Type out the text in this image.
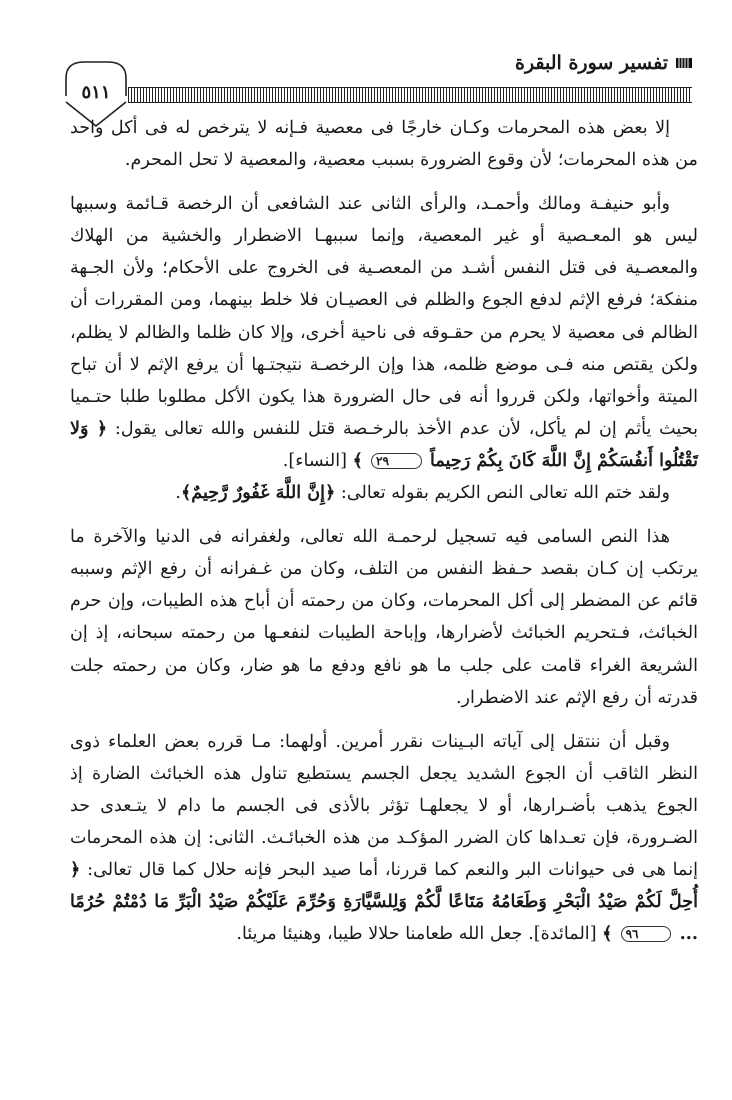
تفسير سورة البقرة
٥١١

إلا بعض هذه المحرمات وكـان خارجًا فى معصية فـإنه لا يترخص له فى أكل واحد من هذه المحرمات؛ لأن وقوع الضرورة بسبب معصية، والمعصية لا تحل المحرم.

وأبو حنيفـة ومالك وأحمـد، والرأى الثانى عند الشافعى أن الرخصة قـائمة وسببها ليس هو المعـصية أو غير المعصية، وإنما سببهـا الاضطرار والخشية من الهلاك والمعصـية فى قتل النفس أشـد من المعصـية فى الخروج على الأحكام؛ ولأن الجـهة منفكة؛ فرفع الإثم لدفع الجوع والظلم فى العصيـان فلا خلط بينهما، ومن المقررات أن الظالم فى معصية لا يحرم من حقـوقه فى ناحية أخرى، وإلا كان ظلما والظالم لا يظلم، ولكن يقتص منه فـى موضع ظلمه، هذا وإن الرخصـة نتيجتـها أن يرفع الإثم لا أن تباح الميتة وأخواتها، ولكن قرروا أنه فى حال الضرورة هذا يكون الأكل مطلوبا طلبا حتـميا بحيث يأثم إن لم يأكل، لأن عدم الأخذ بالرخـصة قتل للنفس والله تعالى يقول: ﴿ وَلا تَقْتُلُوا أَنفُسَكُمْ إِنَّ اللَّهَ كَانَ بِكُمْ رَحِيماً ٢٩ ﴾ [النساء].

ولقد ختم الله تعالى النص الكريم بقوله تعالى: ﴿إِنَّ اللَّهَ غَفُورٌ رَّحِيمٌ﴾.

هذا النص السامى فيه تسجيل لرحمـة الله تعالى، ولغفرانه فى الدنيا والآخرة ما يرتكب إن كـان بقصد حـفظ النفس من التلف، وكان من غـفرانه أن رفع الإثم وسببه قائم عن المضطر إلى أكل المحرمات، وكان من رحمته أن أباح هذه الطيبات، وإن حرم الخبائث، فـتحريم الخبائث لأضرارها، وإباحة الطيبات لنفعـها من رحمته سبحانه، إذ إن الشريعة الغراء قامت على جلب ما هو نافع ودفع ما هو ضار، وكان من رحمته جلت قدرته أن رفع الإثم عند الاضطرار.

وقبل أن ننتقل إلى آياته البـينات نقرر أمرين. أولهما: مـا قرره بعض العلماء ذوى النظر الثاقب أن الجوع الشديد يجعل الجسم يستطيع تناول هذه الخبائث الضارة إذ الجوع يذهب بأضـرارها، أو لا يجعلهـا تؤثر بالأذى فى الجسم ما دام لا يتـعدى حد الضـرورة، فإن تعـداها كان الضرر المؤكـد من هذه الخبائـث. الثانى: إن هذه المحرمات إنما هى فى حيوانات البر والنعم كما قررنا، أما صيد البحر فإنه حلال كما قال تعالى: ﴿ أُحِلَّ لَكُمْ صَيْدُ الْبَحْرِ وَطَعَامُهُ مَتَاعًا لَّكُمْ وَلِلسَّيَّارَةِ وَحُرِّمَ عَلَيْكُمْ صَيْدُ الْبَرِّ مَا دُمْتُمْ حُرُمًا ... ٩٦ ﴾ [المائدة]. جعل الله طعامنا حلالا طيبا، وهنيئا مريئا.
